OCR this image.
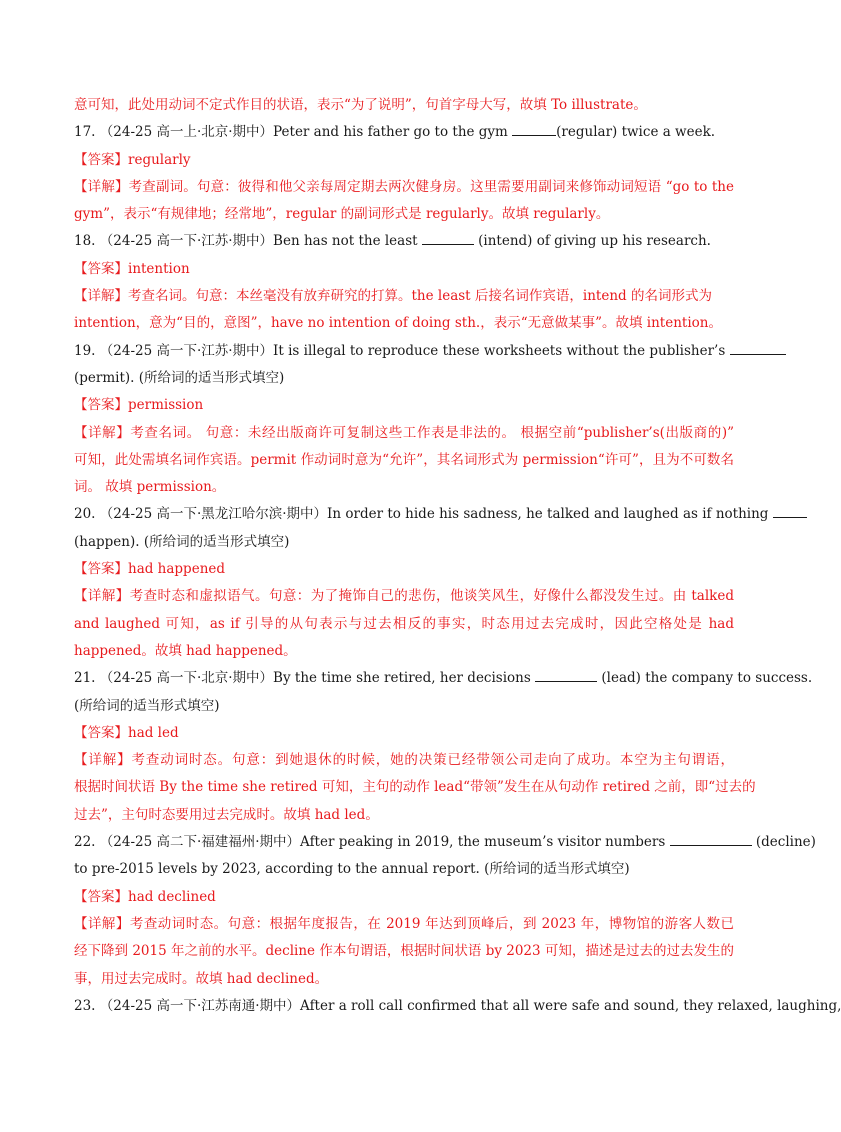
意可知，此处用动词不定式作目的状语，表示“为了说明”，句首字母大写，故填 To illustrate。
17. （24-25 高一上·北京·期中）Peter and his father go to the gym	(regular) twice a week.
【答案】regularly
【详解】考查副词。句意：彼得和他父亲每周定期去两次健身房。这里需要用副词来修饰动词短语 “go to the
gym”，表示“有规律地；经常地”，regular 的副词形式是 regularly。故填 regularly。
18. （24-25 高一下·江苏·期中）Ben has not the least	(intend) of giving up his research.
【答案】intention
【详解】考查名词。句意：本丝毫没有放弃研究的打算。the least 后接名词作宾语，intend 的名词形式为
intention，意为“目的，意图”，have no intention of doing sth.，表示“无意做某事”。故填 intention。
19. （24-25 高一下·江苏·期中）It is illegal to reproduce these worksheets without the publisher’s
(permit). (所给词的适当形式填空)
【答案】permission
【详解】考查名词。 句意：未经出版商许可复制这些工作表是非法的。 根据空前“publisher’s(出版商的)”
可知，此处需填名词作宾语。permit 作动词时意为“允许”，其名词形式为 permission“许可”，且为不可数名
词。 故填 permission。
20. （24-25 高一下·黑龙江哈尔滨·期中）In order to hide his sadness, he talked and laughed as if nothing
(happen). (所给词的适当形式填空)
【答案】had happened
【详解】考查时态和虚拟语气。句意：为了掩饰自己的悲伤，他谈笑风生，好像什么都没发生过。由 talked
and laughed 可知，as if 引导的从句表示与过去相反的事实，时态用过去完成时，因此空格处是 had
happened。故填 had happened。
21. （24-25 高一下·北京·期中）By the time she retired, her decisions	(lead) the company to success.
(所给词的适当形式填空)
【答案】had led
【详解】考查动词时态。句意：到她退休的时候，她的决策已经带领公司走向了成功。本空为主句谓语，
根据时间状语 By the time she retired 可知，主句的动作 lead“带领”发生在从句动作 retired 之前，即“过去的
过去”，主句时态要用过去完成时。故填 had led。
22. （24-25 高二下·福建福州·期中）After peaking in 2019, the museum’s visitor numbers	(decline)
to pre-2015 levels by 2023, according to the annual report. (所给词的适当形式填空)
【答案】had declined
【详解】考查动词时态。句意：根据年度报告，在 2019 年达到顶峰后，到 2023 年，博物馆的游客人数已
经下降到 2015 年之前的水平。decline 作本句谓语，根据时间状语 by 2023 可知，描述是过去的过去发生的
事，用过去完成时。故填 had declined。
23. （24-25 高一下·江苏南通·期中）After a roll call confirmed that all were safe and sound, they relaxed, laughing,
